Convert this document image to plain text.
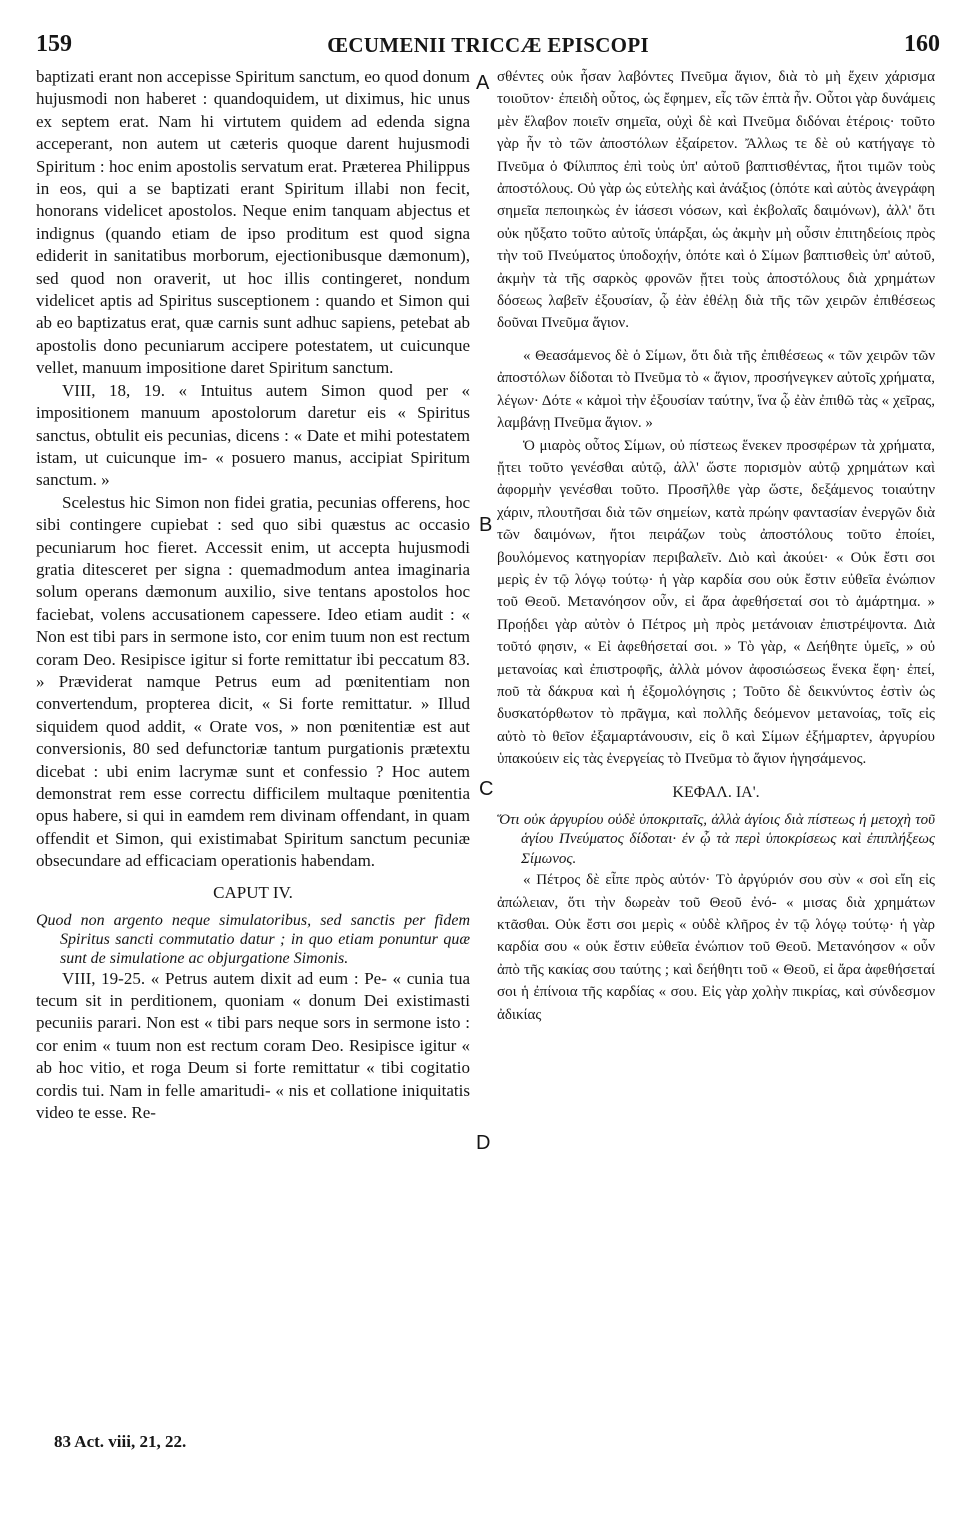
159	ŒCUMENII TRICCÆ EPISCOPI	160
A
B
C
D

baptizati erant non accepisse Spiritum sanctum, eo quod donum hujusmodi non haberet : quandoquidem, ut diximus, hic unus ex septem erat. Nam hi virtutem quidem ad edenda signa acceperant, non autem ut cæteris quoque darent hujusmodi Spiritum : hoc enim apostolis servatum erat. Præterea Philippus in eos, qui a se baptizati erant Spiritum illabi non fecit, honorans videlicet apostolos. Neque enim tanquam abjectus et indignus (quando etiam de ipso proditum est quod signa ediderit in sanitatibus morborum, ejectionibusque dæmonum), sed quod non oraverit, ut hoc illis contingeret, nondum videlicet aptis ad Spiritus susceptionem : quando et Simon qui ab eo baptizatus erat, quæ carnis sunt adhuc sapiens, petebat ab apostolis dono pecuniarum accipere potestatem, ut cuicunque vellet, manuum impositione daret Spiritum sanctum.

VIII, 18, 19. « Intuitus autem Simon quod per « impositionem manuum apostolorum daretur eis « Spiritus sanctus, obtulit eis pecunias, dicens : « Date et mihi potestatem istam, ut cuicunque im- « posuero manus, accipiat Spiritum sanctum. »

Scelestus hic Simon non fidei gratia, pecunias offerens, hoc sibi contingere cupiebat : sed quo sibi quæstus ac occasio pecuniarum hoc fieret. Accessit enim, ut accepta hujusmodi gratia ditesceret per signa : quemadmodum antea imaginaria solum operans dæmonum auxilio, sive tentans apostolos hoc faciebat, volens accusationem capessere. Ideo etiam audit : « Non est tibi pars in sermone isto, cor enim tuum non est rectum coram Deo. Resipisce igitur si forte remittatur ibi peccatum 83. » Præviderat namque Petrus eum ad pœnitentiam non convertendum, propterea dicit, « Si forte remittatur. » Illud siquidem quod addit, « Orate vos, » non pœnitentiæ est aut conversionis, 80 sed defunctoriæ tantum purgationis prætextu dicebat : ubi enim lacrymæ sunt et confessio ? Hoc autem demonstrat rem esse correctu difficilem multaque pœnitentia opus habere, si qui in eamdem rem divinam offendant, in quam offendit et Simon, qui existimabat Spiritum sanctum pecuniæ obsecundare ad efficaciam operationis habendam.

CAPUT IV.

Quod non argento neque simulatoribus, sed sanctis per fidem Spiritus sancti commutatio datur ; in quo etiam ponuntur quæ sunt de simulatione ac objurgatione Simonis.

VIII, 19-25. « Petrus autem dixit ad eum : Pe- « cunia tua tecum sit in perditionem, quoniam « donum Dei existimasti pecuniis parari. Non est « tibi pars neque sors in sermone isto : cor enim « tuum non est rectum coram Deo. Resipisce igitur « ab hoc vitio, et roga Deum si forte remittatur « tibi cogitatio cordis tui. Nam in felle amaritudi- « nis et collatione iniquitatis video te esse. Re-

σθέντες οὐκ ἦσαν λαβόντες Πνεῦμα ἅγιον, διὰ τὸ μὴ ἔχειν χάρισμα τοιοῦτον· ἐπειδὴ οὗτος, ὡς ἔφημεν, εἷς τῶν ἑπτὰ ἦν. Οὗτοι γὰρ δυνάμεις μὲν ἔλαβον ποιεῖν σημεῖα, οὐχὶ δὲ καὶ Πνεῦμα διδόναι ἑτέροις· τοῦτο γὰρ ἦν τὸ τῶν ἀποστόλων ἐξαίρετον. Ἄλλως τε δὲ οὐ κατήγαγε τὸ Πνεῦμα ὁ Φίλιππος ἐπὶ τοὺς ὑπ' αὐτοῦ βαπτισθέντας, ἤτοι τιμῶν τοὺς ἀποστόλους. Οὐ γὰρ ὡς εὐτελὴς καὶ ἀνάξιος (ὁπότε καὶ αὐτὸς ἀνεγράφη σημεῖα πεποιηκὼς ἐν ἰάσεσι νόσων, καὶ ἐκβολαῖς δαιμόνων), ἀλλ' ὅτι οὐκ ηὔξατο τοῦτο αὐτοῖς ὑπάρξαι, ὡς ἀκμὴν μὴ οὖσιν ἐπιτηδείοις πρὸς τὴν τοῦ Πνεύματος ὑποδοχήν, ὁπότε καὶ ὁ Σίμων βαπτισθεὶς ὑπ' αὐτοῦ, ἀκμὴν τὰ τῆς σαρκὸς φρονῶν ᾔτει τοὺς ἀποστόλους διὰ χρημάτων δόσεως λαβεῖν ἐξουσίαν, ᾧ ἐὰν ἐθέλῃ διὰ τῆς τῶν χειρῶν ἐπιθέσεως δοῦναι Πνεῦμα ἅγιον.

« Θεασάμενος δὲ ὁ Σίμων, ὅτι διὰ τῆς ἐπιθέσεως « τῶν χειρῶν τῶν ἀποστόλων δίδοται τὸ Πνεῦμα τὸ « ἅγιον, προσήνεγκεν αὐτοῖς χρήματα, λέγων· Δότε « κἀμοὶ τὴν ἐξουσίαν ταύτην, ἵνα ᾧ ἐὰν ἐπιθῶ τὰς « χεῖρας, λαμβάνῃ Πνεῦμα ἅγιον. »

Ὁ μιαρὸς οὗτος Σίμων, οὐ πίστεως ἕνεκεν προσφέρων τὰ χρήματα, ᾔτει τοῦτο γενέσθαι αὐτῷ, ἀλλ' ὥστε πορισμὸν αὐτῷ χρημάτων καὶ ἀφορμὴν γενέσθαι τοῦτο. Προσῆλθε γὰρ ὥστε, δεξάμενος τοιαύτην χάριν, πλουτῆσαι διὰ τῶν σημείων, κατὰ πρώην φαντασίαν ἐνεργῶν διὰ τῶν δαιμόνων, ἤτοι πειράζων τοὺς ἀποστόλους τοῦτο ἐποίει, βουλόμενος κατηγορίαν περιβαλεῖν. Διὸ καὶ ἀκούει· « Οὐκ ἔστι σοι μερὶς ἐν τῷ λόγῳ τούτῳ· ἡ γὰρ καρδία σου οὐκ ἔστιν εὐθεῖα ἐνώπιον τοῦ Θεοῦ. Μετανόησον οὖν, εἰ ἄρα ἀφεθήσεταί σοι τὸ ἁμάρτημα. » Προῄδει γὰρ αὐτὸν ὁ Πέτρος μὴ πρὸς μετάνοιαν ἐπιστρέψοντα. Διὰ τοῦτό φησιν, « Εἰ ἀφεθήσεταί σοι. » Τὸ γὰρ, « Δεήθητε ὑμεῖς, » οὐ μετανοίας καὶ ἐπιστροφῆς, ἀλλὰ μόνον ἀφοσιώσεως ἕνεκα ἔφη· ἐπεί, ποῦ τὰ δάκρυα καὶ ἡ ἐξομολόγησις ; Τοῦτο δὲ δεικνύντος ἐστὶν ὡς δυσκατόρθωτον τὸ πρᾶγμα, καὶ πολλῆς δεόμενον μετανοίας, τοῖς εἰς αὐτὸ τὸ θεῖον ἐξαμαρτάνουσιν, εἰς ὃ καὶ Σίμων ἐξήμαρτεν, ἀργυρίου ὑπακούειν εἰς τὰς ἐνεργείας τὸ Πνεῦμα τὸ ἅγιον ἡγησάμενος.

ΚΕΦΑΛ. ΙΑ'.

Ὅτι οὐκ ἀργυρίου οὐδὲ ὑποκριταῖς, ἀλλὰ ἁγίοις διὰ πίστεως ἡ μετοχὴ τοῦ ἁγίου Πνεύματος δίδοται· ἐν ᾧ τὰ περὶ ὑποκρίσεως καὶ ἐπιπλήξεως Σίμωνος.

« Πέτρος δὲ εἶπε πρὸς αὐτόν· Τὸ ἀργύριόν σου σὺν « σοὶ εἴη εἰς ἀπώλειαν, ὅτι τὴν δωρεὰν τοῦ Θεοῦ ἐνό- « μισας διὰ χρημάτων κτᾶσθαι. Οὐκ ἔστι σοι μερὶς « οὐδὲ κλῆρος ἐν τῷ λόγῳ τούτῳ· ἡ γὰρ καρδία σου « οὐκ ἔστιν εὐθεῖα ἐνώπιον τοῦ Θεοῦ. Μετανόησον « οὖν ἀπὸ τῆς κακίας σου ταύτης ; καὶ δεήθητι τοῦ « Θεοῦ, εἰ ἄρα ἀφεθήσεταί σοι ἡ ἐπίνοια τῆς καρδίας « σου. Εἰς γὰρ χολὴν πικρίας, καὶ σύνδεσμον ἀδικίας

83 Act. viii, 21, 22.
